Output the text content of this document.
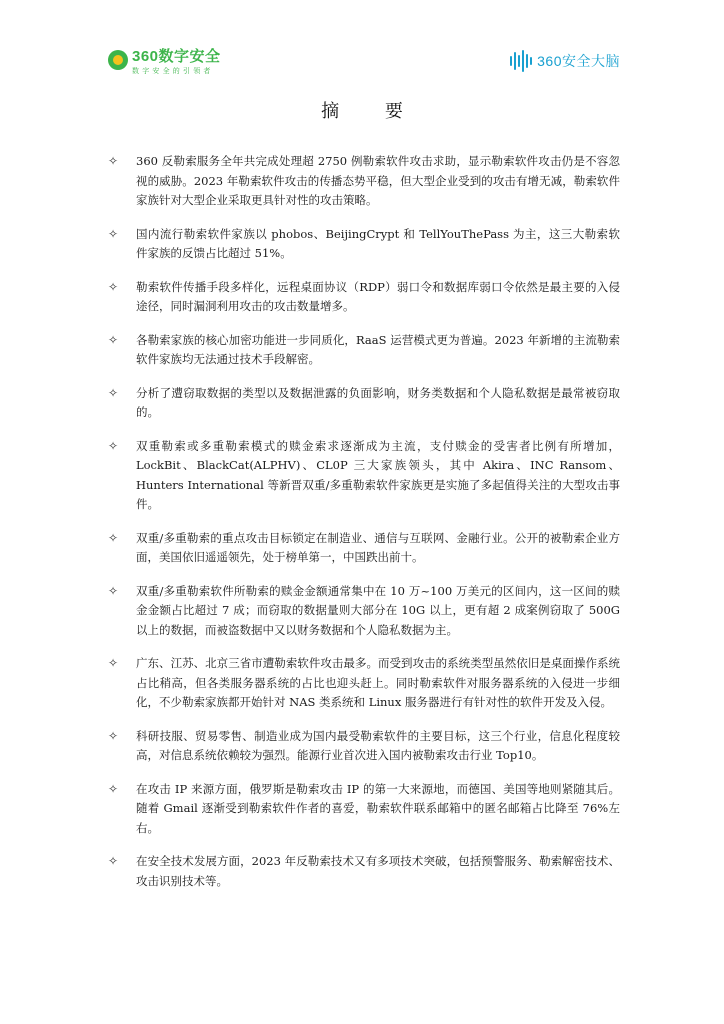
360数字安全
数字安全的引领者
360安全大脑
摘 要
✧	360 反勒索服务全年共完成处理超 2750 例勒索软件攻击求助，显示勒索软件攻击仍是不容忽视的威胁。2023 年勒索软件攻击的传播态势平稳，但大型企业受到的攻击有增无减，勒索软件家族针对大型企业采取更具针对性的攻击策略。
✧	国内流行勒索软件家族以 phobos、BeijingCrypt 和 TellYouThePass 为主，这三大勒索软件家族的反馈占比超过 51%。
✧	勒索软件传播手段多样化，远程桌面协议（RDP）弱口令和数据库弱口令依然是最主要的入侵途径，同时漏洞利用攻击的攻击数量增多。
✧	各勒索家族的核心加密功能进一步同质化，RaaS 运营模式更为普遍。2023 年新增的主流勒索软件家族均无法通过技术手段解密。
✧	分析了遭窃取数据的类型以及数据泄露的负面影响，财务类数据和个人隐私数据是最常被窃取的。
✧	双重勒索或多重勒索模式的赎金索求逐渐成为主流，支付赎金的受害者比例有所增加，LockBit、BlackCat(ALPHV)、CL0P 三大家族领头，其中 Akira、INC Ransom、Hunters International 等新晋双重/多重勒索软件家族更是实施了多起值得关注的大型攻击事件。
✧	双重/多重勒索的重点攻击目标锁定在制造业、通信与互联网、金融行业。公开的被勒索企业方面，美国依旧遥遥领先，处于榜单第一，中国跌出前十。
✧	双重/多重勒索软件所勒索的赎金金额通常集中在 10 万~100 万美元的区间内，这一区间的赎金金额占比超过 7 成；而窃取的数据量则大部分在 10G 以上，更有超 2 成案例窃取了 500G 以上的数据，而被盗数据中又以财务数据和个人隐私数据为主。
✧	广东、江苏、北京三省市遭勒索软件攻击最多。而受到攻击的系统类型虽然依旧是桌面操作系统占比稍高，但各类服务器系统的占比也迎头赶上。同时勒索软件对服务器系统的入侵进一步细化，不少勒索家族都开始针对 NAS 类系统和 Linux 服务器进行有针对性的软件开发及入侵。
✧	科研技服、贸易零售、制造业成为国内最受勒索软件的主要目标，这三个行业，信息化程度较高，对信息系统依赖较为强烈。能源行业首次进入国内被勒索攻击行业 Top10。
✧	在攻击 IP 来源方面，俄罗斯是勒索攻击 IP 的第一大来源地，而德国、美国等地则紧随其后。随着 Gmail 逐渐受到勒索软件作者的喜爱，勒索软件联系邮箱中的匿名邮箱占比降至 76%左右。
✧	在安全技术发展方面，2023 年反勒索技术又有多项技术突破，包括预警服务、勒索解密技术、攻击识别技术等。
